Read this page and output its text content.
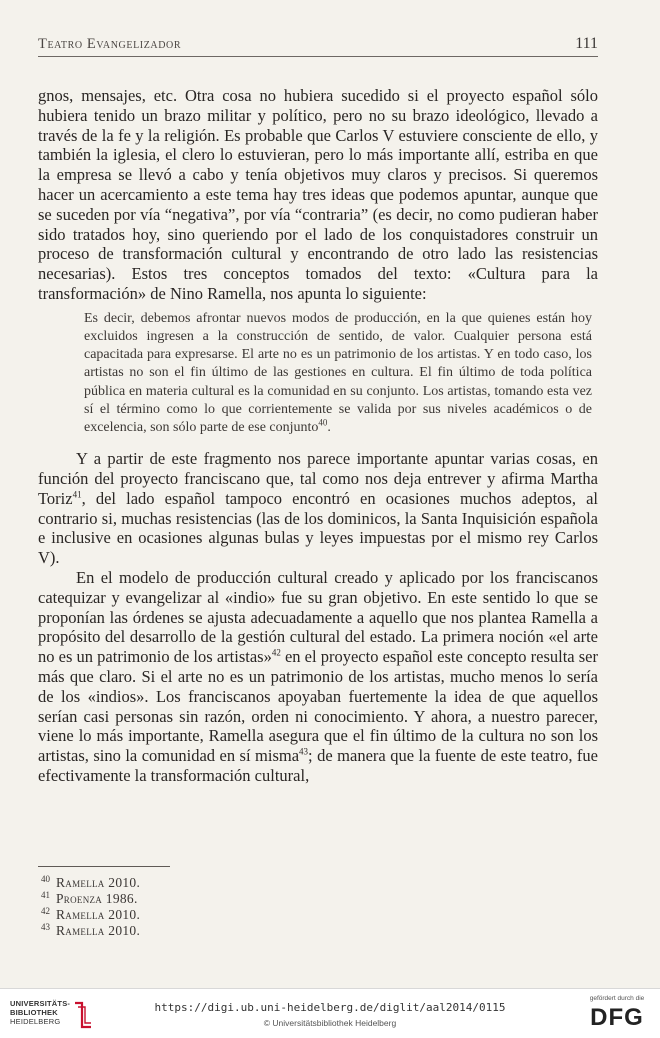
Teatro Evangelizador	111

gnos, mensajes, etc. Otra cosa no hubiera sucedido si el proyecto español sólo hubiera tenido un brazo militar y político, pero no su brazo ideológico, llevado a través de la fe y la religión. Es probable que Carlos V estuviere consciente de ello, y también la iglesia, el clero lo estuvieran, pero lo más importante allí, estriba en que la empresa se llevó a cabo y tenía objetivos muy claros y precisos. Si queremos hacer un acercamiento a este tema hay tres ideas que podemos apuntar, aunque que se suceden por vía “negativa”, por vía “contraria” (es decir, no como pudieran haber sido tratados hoy, sino queriendo por el lado de los conquistadores construir un proceso de transformación cultural y encontrando de otro lado las resistencias necesarias). Estos tres conceptos tomados del texto: «Cultura para la transformación» de Nino Ramella, nos apunta lo siguiente:

Es decir, debemos afrontar nuevos modos de producción, en la que quienes están hoy excluidos ingresen a la construcción de sentido, de valor. Cualquier persona está capacitada para expresarse. El arte no es un patrimonio de los artistas. Y en todo caso, los artistas no son el fin último de las gestiones en cultura. El fin último de toda política pública en materia cultural es la comunidad en su conjunto. Los artistas, tomando esta vez sí el término como lo que corrientemente se valida por sus niveles académicos o de excelencia, son sólo parte de ese conjunto$^{40}$.

Y a partir de este fragmento nos parece importante apuntar varias cosas, en función del proyecto franciscano que, tal como nos deja entrever y afirma Martha Toriz$^{41}$, del lado español tampoco encontró en ocasiones muchos adeptos, al contrario si, muchas resistencias (las de los dominicos, la Santa Inquisición española e inclusive en ocasiones algunas bulas y leyes impuestas por el mismo rey Carlos V).

En el modelo de producción cultural creado y aplicado por los franciscanos catequizar y evangelizar al «indio» fue su gran objetivo. En este sentido lo que se proponían las órdenes se ajusta adecuadamente a aquello que nos plantea Ramella a propósito del desarrollo de la gestión cultural del estado. La primera noción «el arte no es un patrimonio de los artistas»$^{42}$ en el proyecto español este concepto resulta ser más que claro. Si el arte no es un patrimonio de los artistas, mucho menos lo sería de los «indios». Los franciscanos apoyaban fuertemente la idea de que aquellos serían casi personas sin razón, orden ni conocimiento. Y ahora, a nuestro parecer, viene lo más importante, Ramella asegura que el fin último de la cultura no son los artistas, sino la comunidad en sí misma$^{43}$; de manera que la fuente de este teatro, fue efectivamente la transformación cultural,

40 Ramella 2010.
41 Proenza 1986.
42 Ramella 2010.
43 Ramella 2010.
UNIVERSITÄTS-
BIBLIOTHEK
HEIDELBERG
https://digi.ub.uni-heidelberg.de/diglit/aal2014/0115
© Universitätsbibliothek Heidelberg
gefördert durch die
DFG
